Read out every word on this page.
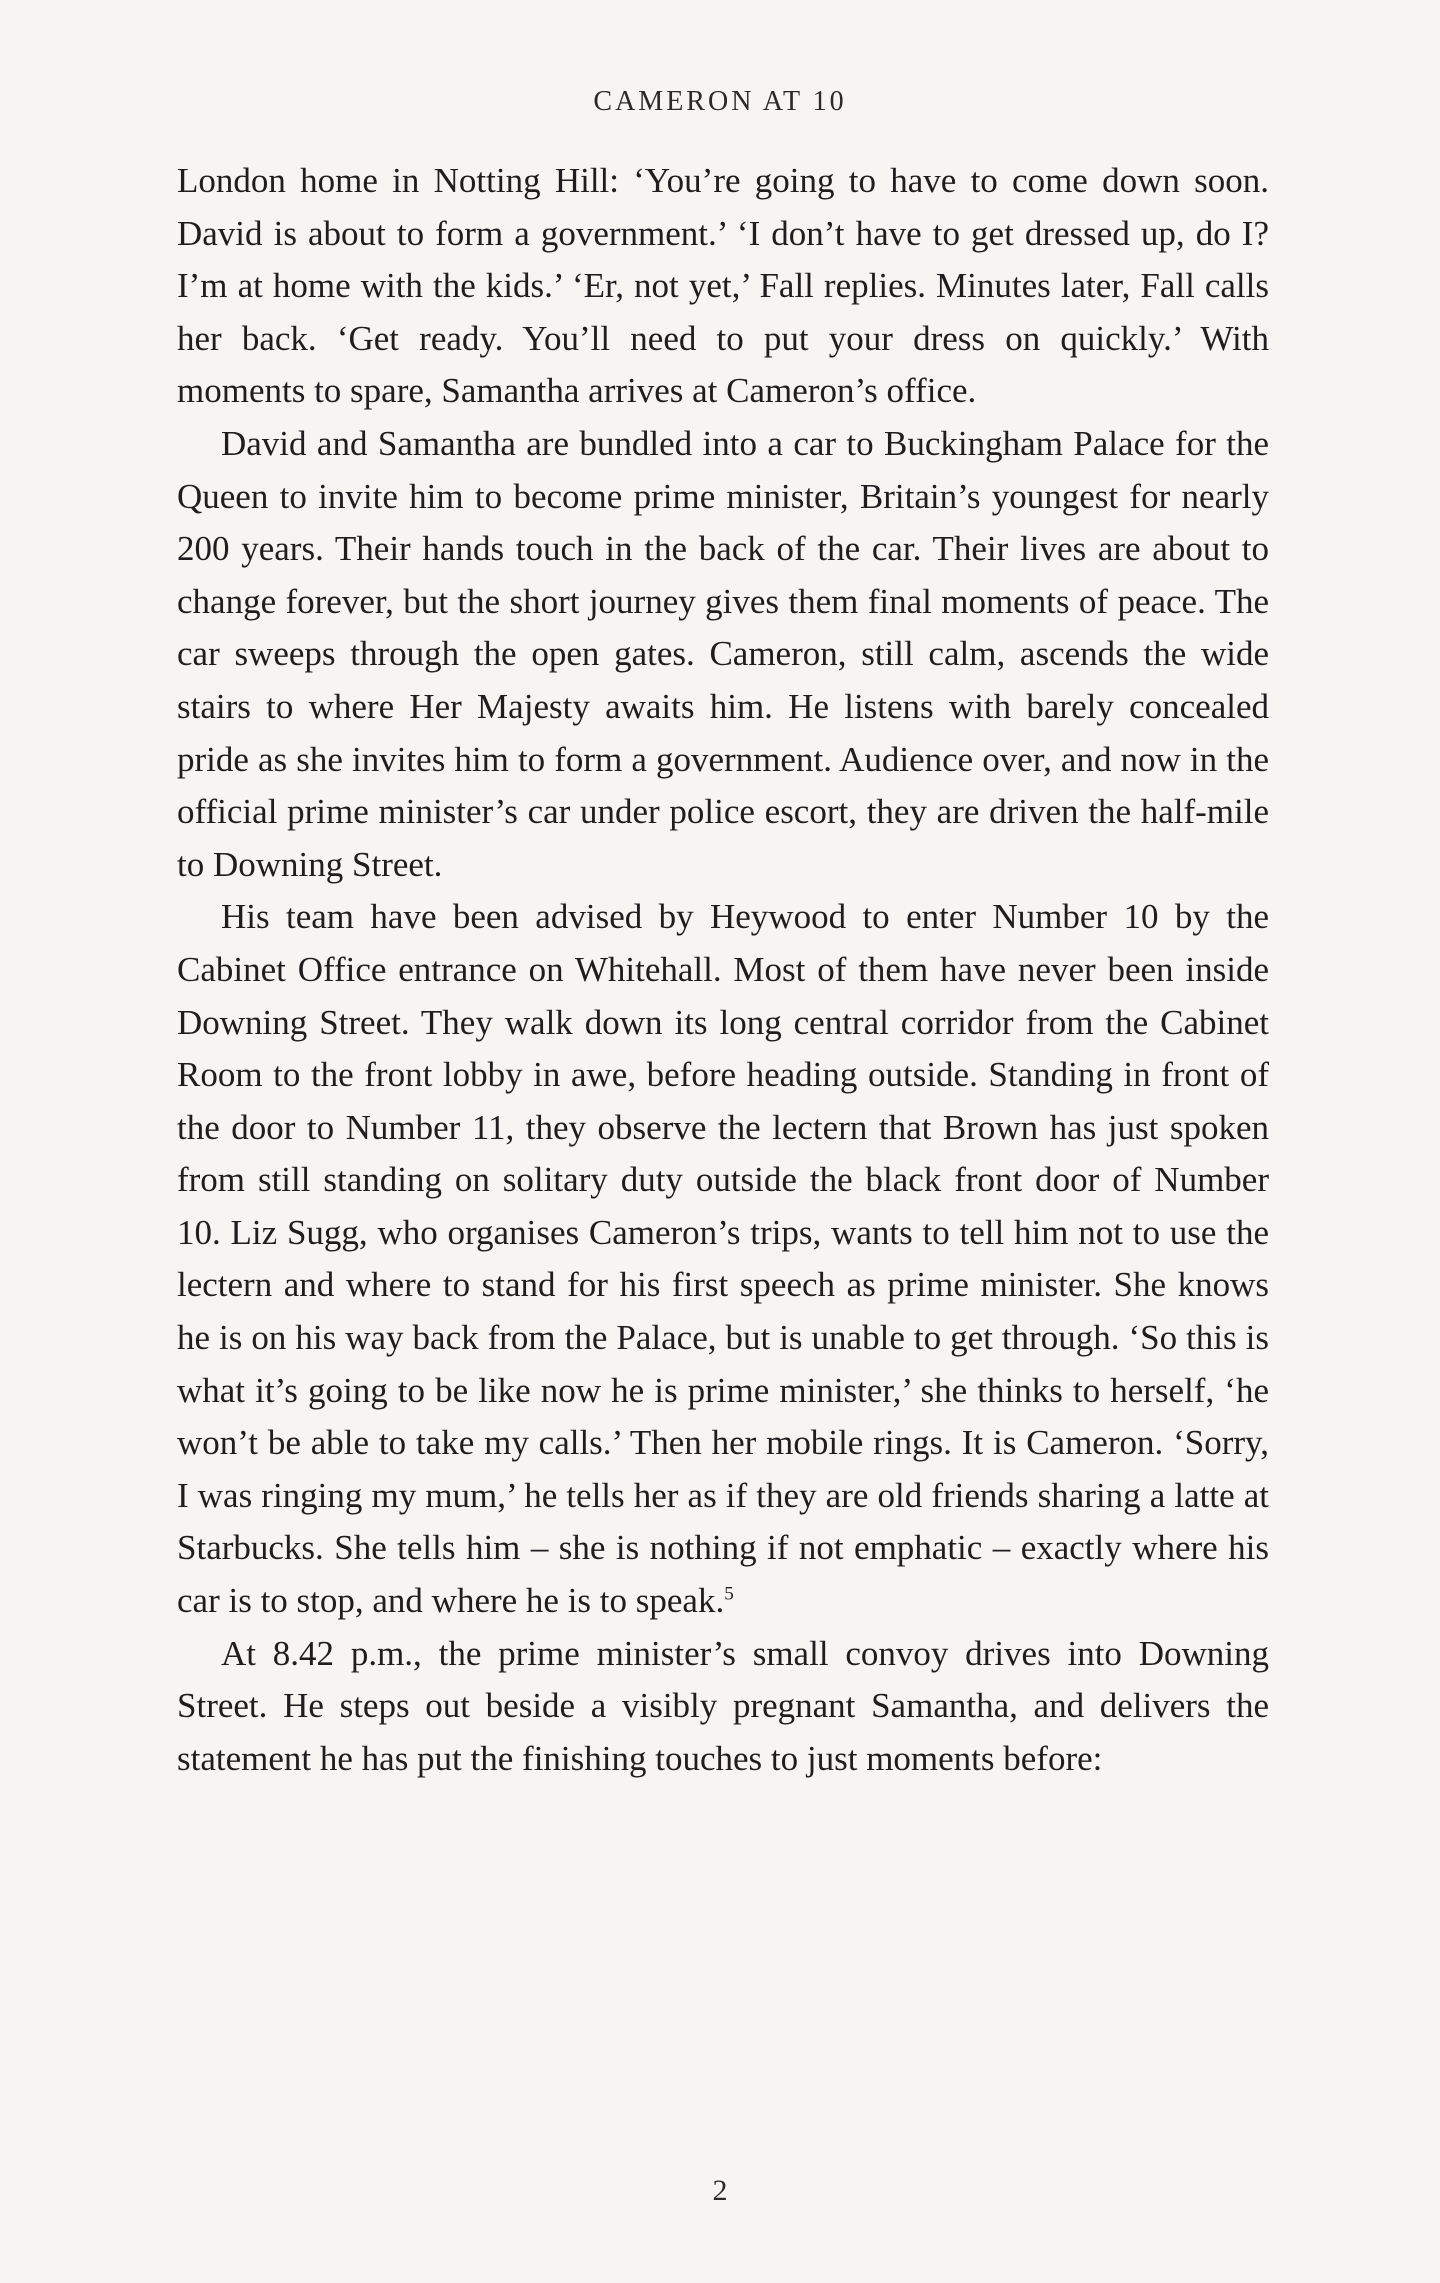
CAMERON AT 10

London home in Notting Hill: ‘You’re going to have to come down soon. David is about to form a government.’ ‘I don’t have to get dressed up, do I? I’m at home with the kids.’ ‘Er, not yet,’ Fall replies. Minutes later, Fall calls her back. ‘Get ready. You’ll need to put your dress on quickly.’ With moments to spare, Samantha arrives at Cameron’s office.

David and Samantha are bundled into a car to Buckingham Palace for the Queen to invite him to become prime minister, Britain’s youngest for nearly 200 years. Their hands touch in the back of the car. Their lives are about to change forever, but the short journey gives them final moments of peace. The car sweeps through the open gates. Cameron, still calm, ascends the wide stairs to where Her Majesty awaits him. He listens with barely concealed pride as she invites him to form a government. Audience over, and now in the official prime minister’s car under police escort, they are driven the half-mile to Downing Street.

His team have been advised by Heywood to enter Number 10 by the Cabinet Office entrance on Whitehall. Most of them have never been inside Downing Street. They walk down its long central corridor from the Cabinet Room to the front lobby in awe, before heading outside. Standing in front of the door to Number 11, they observe the lectern that Brown has just spoken from still standing on solitary duty outside the black front door of Number 10. Liz Sugg, who organises Cameron’s trips, wants to tell him not to use the lectern and where to stand for his first speech as prime minister. She knows he is on his way back from the Palace, but is unable to get through. ‘So this is what it’s going to be like now he is prime minister,’ she thinks to herself, ‘he won’t be able to take my calls.’ Then her mobile rings. It is Cameron. ‘Sorry, I was ringing my mum,’ he tells her as if they are old friends sharing a latte at Starbucks. She tells him – she is nothing if not emphatic – exactly where his car is to stop, and where he is to speak.$^5$

At 8.42 p.m., the prime minister’s small convoy drives into Downing Street. He steps out beside a visibly pregnant Samantha, and delivers the statement he has put the finishing touches to just moments before:

2
